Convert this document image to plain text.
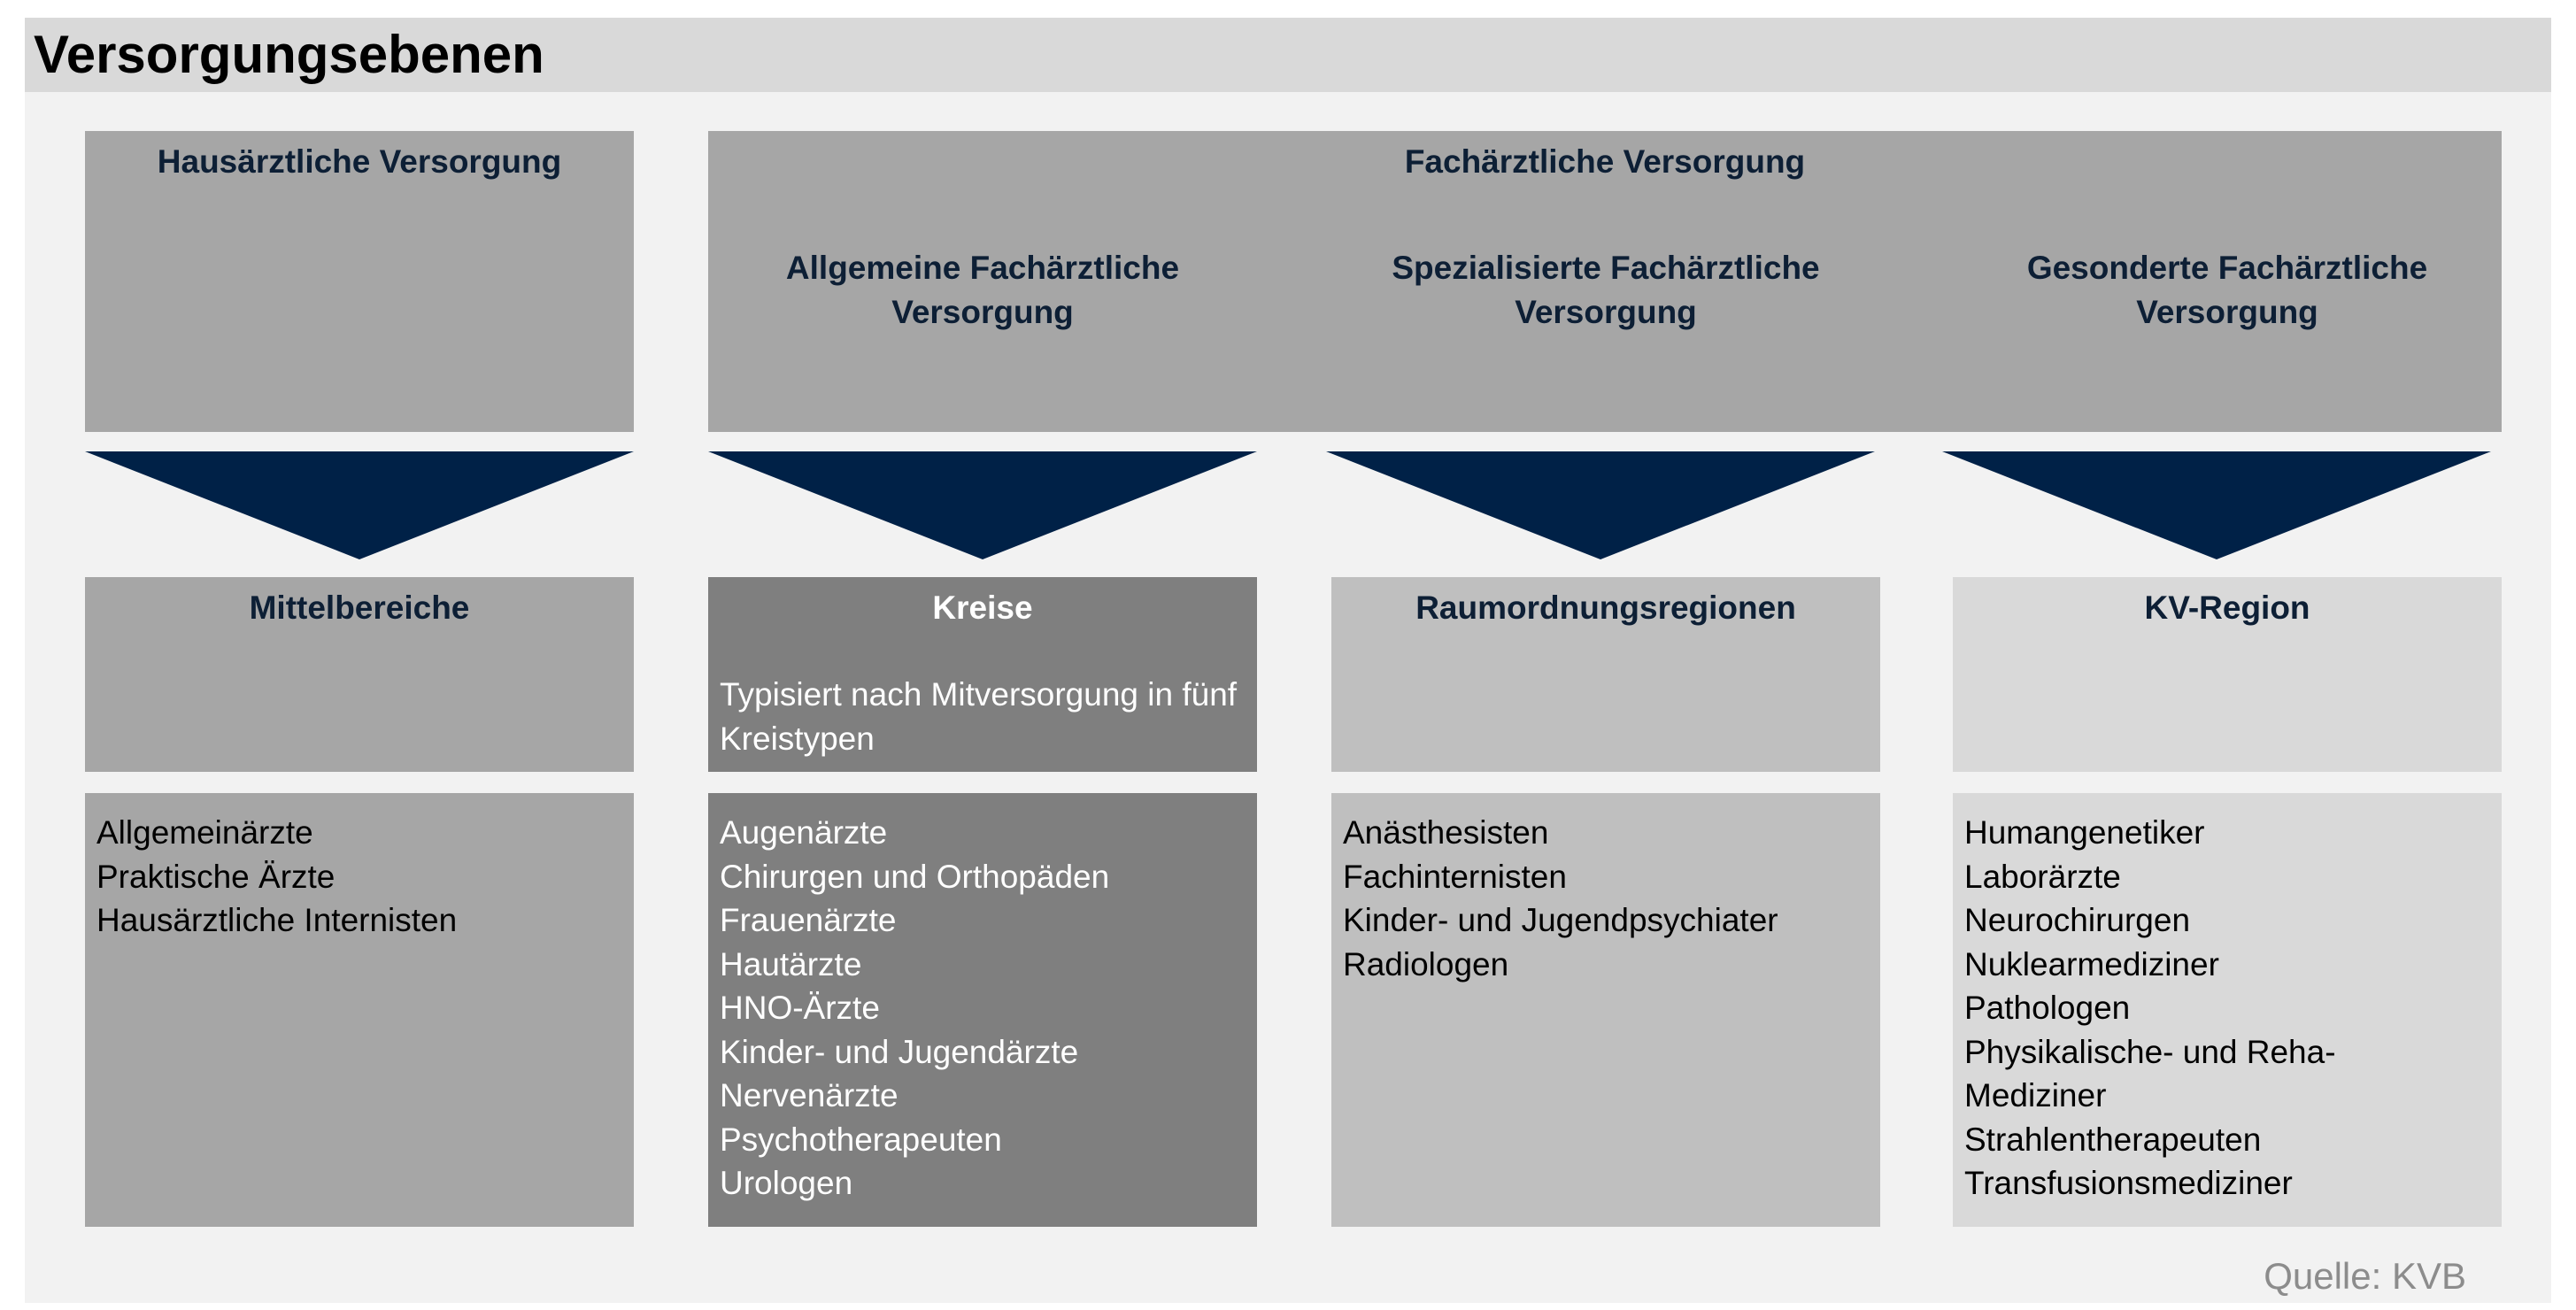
Versorgungsebenen
Hausärztliche Versorgung	Fachärztliche Versorgung
Allgemeine Fachärztliche
Versorgung
Spezialisierte Fachärztliche
Versorgung
Gesonderte Fachärztliche
Versorgung
Mittelbereiche	Kreise
Typisiert nach Mitversorgung in fünf Kreistypen
Raumordnungsregionen	KV-Region
Allgemeinärzte
Praktische Ärzte
Hausärztliche Internisten
Augenärzte
Chirurgen und Orthopäden
Frauenärzte
Hautärzte
HNO-Ärzte
Kinder- und Jugendärzte
Nervenärzte
Psychotherapeuten
Urologen
Anästhesisten
Fachinternisten
Kinder- und Jugendpsychiater
Radiologen
Humangenetiker
Laborärzte
Neurochirurgen
Nuklearmediziner
Pathologen
Physikalische- und Reha-
Mediziner
Strahlentherapeuten
Transfusionsmediziner
Quelle: KVB
